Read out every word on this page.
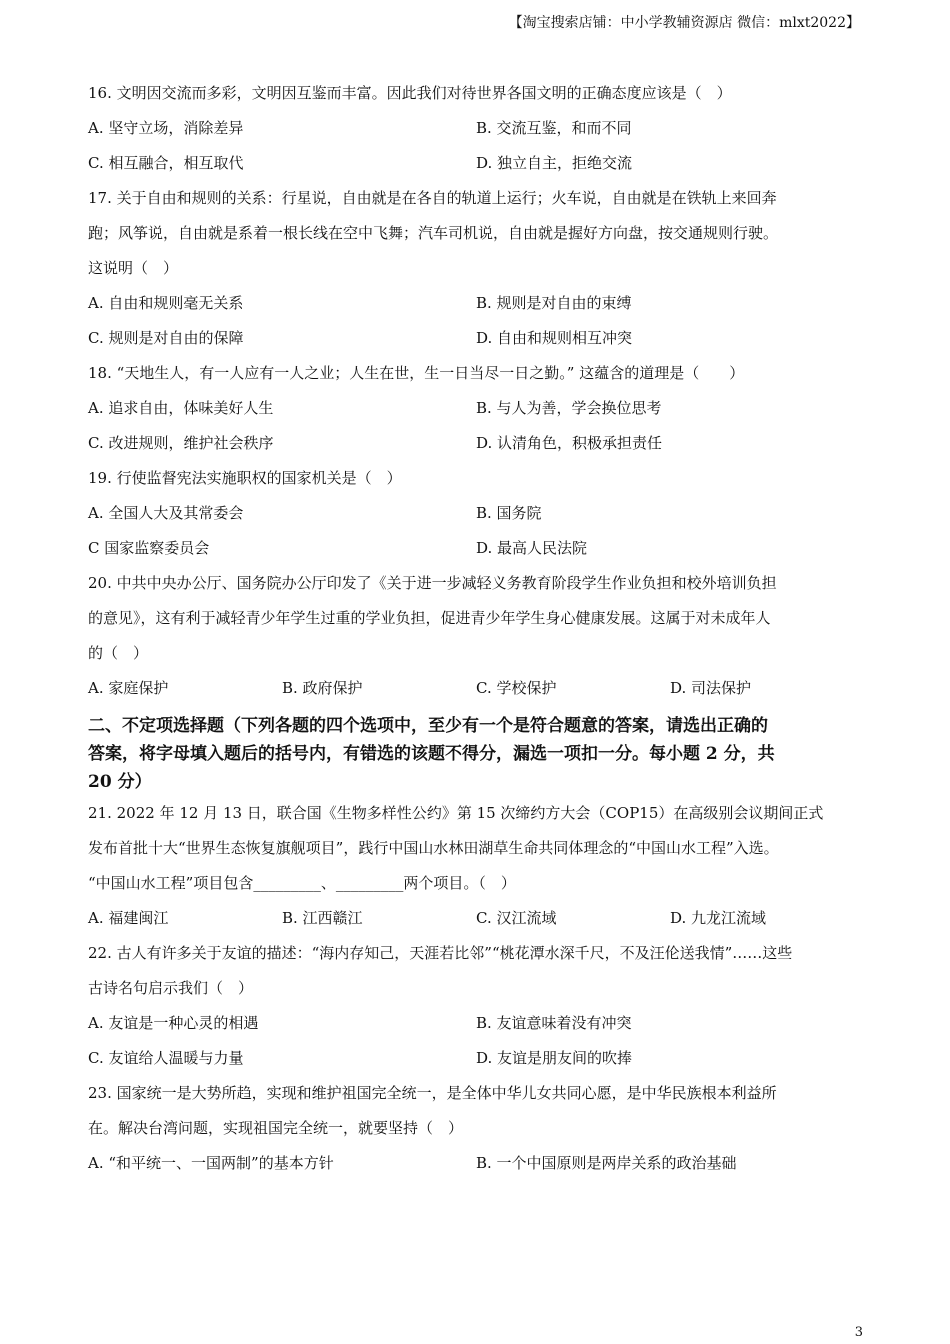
【淘宝搜索店铺：中小学教辅资源店 微信：mlxt2022】
16. 文明因交流而多彩，文明因互鉴而丰富。因此我们对待世界各国文明的正确态度应该是（　）
A. 坚守立场，消除差异	B. 交流互鉴，和而不同
C. 相互融合，相互取代	D. 独立自主，拒绝交流
17. 关于自由和规则的关系：行星说，自由就是在各自的轨道上运行；火车说，自由就是在铁轨上来回奔
跑；风筝说，自由就是系着一根长线在空中飞舞；汽车司机说，自由就是握好方向盘，按交通规则行驶。
这说明（　）
A. 自由和规则毫无关系	B. 规则是对自由的束缚
C. 规则是对自由的保障	D. 自由和规则相互冲突
18. “天地生人，有一人应有一人之业；人生在世，生一日当尽一日之勤。” 这蕴含的道理是（　　）
A. 追求自由，体味美好人生	B. 与人为善，学会换位思考
C. 改进规则，维护社会秩序	D. 认清角色，积极承担责任
19. 行使监督宪法实施职权的国家机关是（　）
A. 全国人大及其常委会	B. 国务院
C 国家监察委员会	D. 最高人民法院
20. 中共中央办公厅、国务院办公厅印发了《关于进一步减轻义务教育阶段学生作业负担和校外培训负担
的意见》，这有利于减轻青少年学生过重的学业负担，促进青少年学生身心健康发展。这属于对未成年人
的（　）
A. 家庭保护	B. 政府保护	C. 学校保护	D. 司法保护
二、不定项选择题（下列各题的四个选项中，至少有一个是符合题意的答案，请选出正确的
答案，将字母填入题后的括号内，有错选的该题不得分，漏选一项扣一分。每小题 2 分，共
20 分）
21. 2022 年 12 月 13 日，联合国《生物多样性公约》第 15 次缔约方大会（COP15）在高级别会议期间正式
发布首批十大“世界生态恢复旗舰项目”，践行中国山水林田湖草生命共同体理念的“中国山水工程”入选。
“中国山水工程”项目包含_________、_________两个项目。（　）
A. 福建闽江	B. 江西赣江	C. 汉江流域	D. 九龙江流域
22. 古人有许多关于友谊的描述：“海内存知己，天涯若比邻”“桃花潭水深千尺，不及汪伦送我情”……这些
古诗名句启示我们（　）
A. 友谊是一种心灵的相遇	B. 友谊意味着没有冲突
C. 友谊给人温暖与力量	D. 友谊是朋友间的吹捧
23. 国家统一是大势所趋，实现和维护祖国完全统一，是全体中华儿女共同心愿，是中华民族根本利益所
在。解决台湾问题，实现祖国完全统一，就要坚持（　）
A. “和平统一、一国两制”的基本方针	B. 一个中国原则是两岸关系的政治基础
3
